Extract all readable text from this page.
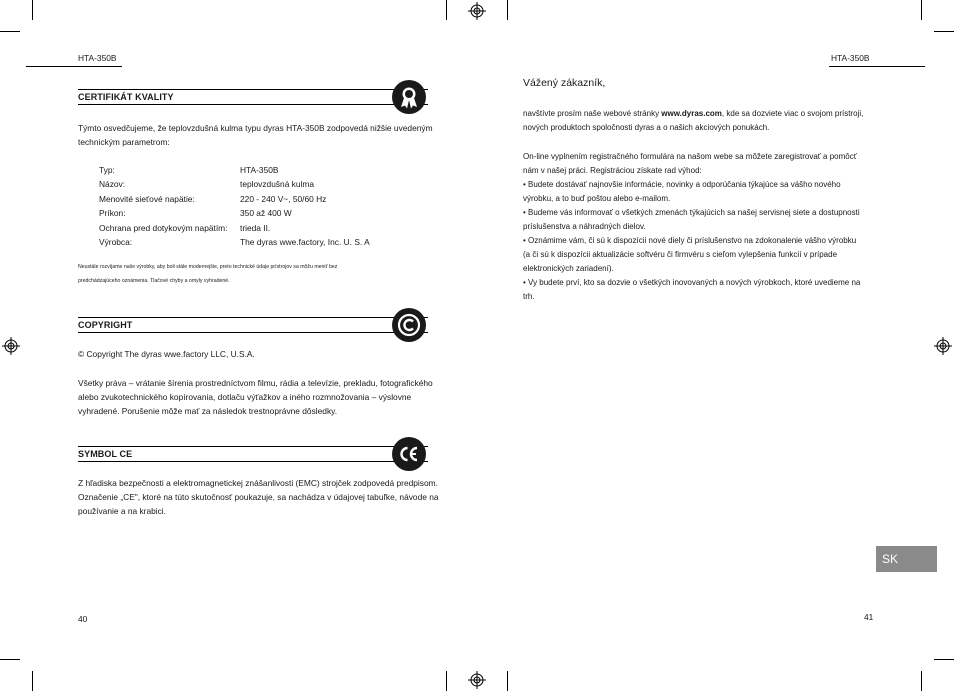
HTA-350B	HTA-350B
CERTIFIKÁT KVALITY
Týmto osvedčujeme, že teplovzdušná kulma typu dyras HTA-350B zodpovedá nižšie uvedeným
technickým parametrom:
Typ:	HTA-350B
Názov:	teplovzdušná kulma
Menovité sieťové napätie:	220 - 240 V~, 50/60 Hz
Príkon:	350 až 400 W
Ochrana pred dotykovým napätím:	trieda II.
Výrobca:	The dyras wwe.factory, Inc. U. S. A
Neustále rozvíjame naše výrobky, aby boli stále modernejšie, preto technické údaje prístrojov sa môžu meniť bez
predchádzajúceho oznámenia. Tlačové chyby a omyly vyhradené.
COPYRIGHT
© Copyright The dyras wwe.factory LLC, U.S.A.
Všetky práva – vrátanie šírenia prostredníctvom filmu, rádia a televízie, prekladu, fotografického
alebo zvukotechnického kopírovania, dotlaču výťažkov a iného rozmnožovania – výslovne
vyhradené. Porušenie môže mať za následok trestnoprávne dôsledky.
SYMBOL CE
Z hľadiska bezpečnosti a elektromagnetickej znášanlivosti (EMC) strojček zodpovedá predpisom.
Označenie „CE", ktoré na túto skutočnosť poukazuje, sa nachádza v údajovej tabuľke, návode na
používanie a na krabici.
40
Vážený zákazník,
navštívte prosím naše webové stránky www.dyras.com, kde sa dozviete viac o svojom prístroji,
nových produktoch spoločnosti dyras a o našich akciových ponukách.
On-line vyplnením registračného formulára na našom webe sa môžete zaregistrovať a pomôcť
nám v našej práci. Registráciou získate rad výhod:
• Budete dostávať najnovšie informácie, novinky a odporúčania týkajúce sa vášho nového
výrobku, a to buď poštou alebo e-mailom.
• Budeme vás informovať o všetkých zmenách týkajúcich sa našej servisnej siete a dostupnosti
príslušenstva a náhradných dielov.
• Oznámime vám, či sú k dispozícii nové diely či príslušenstvo na zdokonalenie vášho výrobku
(a či sú k dispozícii aktualizácie softvéru či firmvéru s cieľom vylepšenia funkcií v prípade
elektronických zariadení).
• Vy budete prví, kto sa dozvie o všetkých inovovaných a nových výrobkoch, ktoré uvedieme na
trh.
SK
41
